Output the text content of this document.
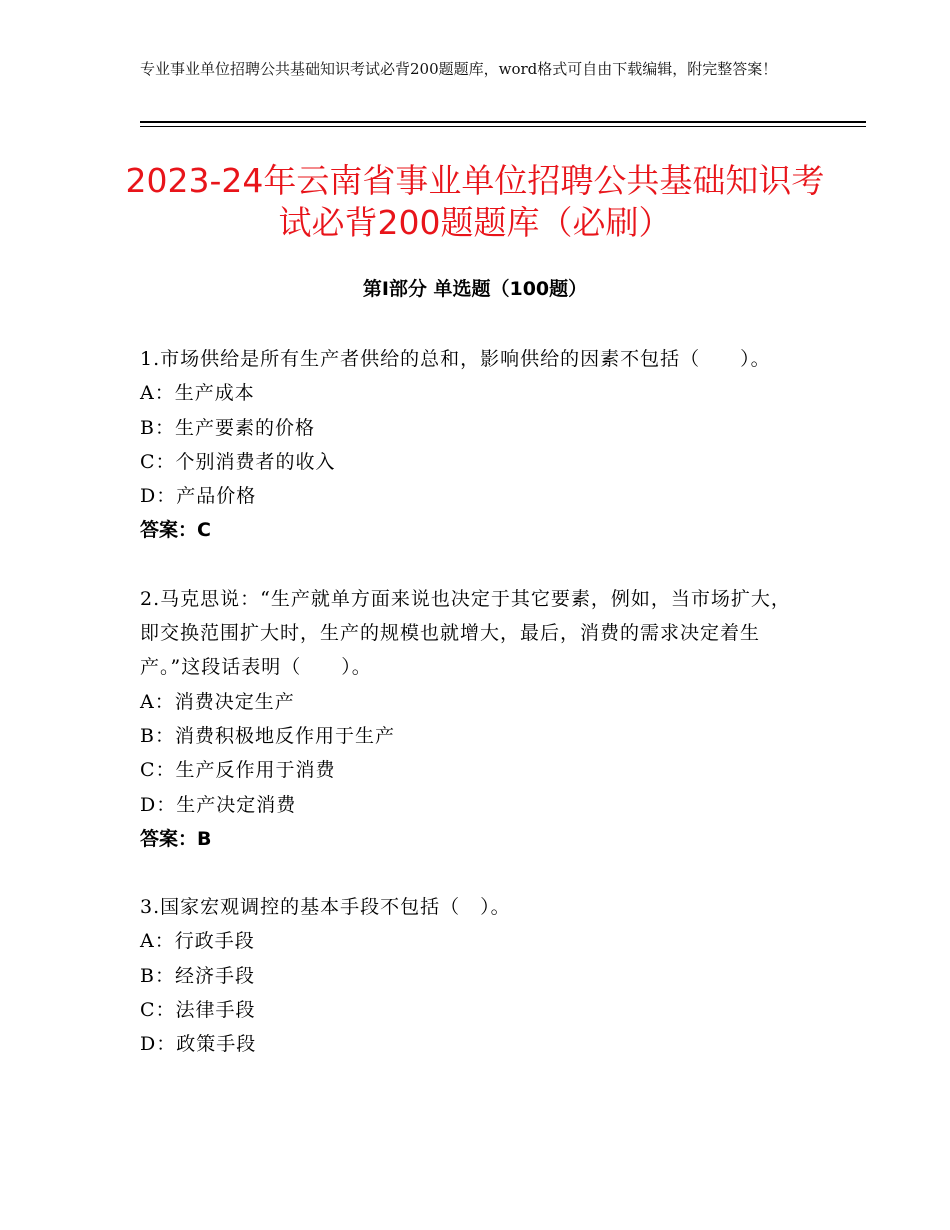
专业事业单位招聘公共基础知识考试必背200题题库，word格式可自由下载编辑，附完整答案！
2023-24年云南省事业单位招聘公共基础知识考试必背200题题库（必刷）
第I部分 单选题（100题）
1.市场供给是所有生产者供给的总和，影响供给的因素不包括（　　）。
A：生产成本
B：生产要素的价格
C：个别消费者的收入
D：产品价格
答案：C
2.马克思说：“生产就单方面来说也决定于其它要素，例如，当市场扩大，即交换范围扩大时，生产的规模也就增大，最后，消费的需求决定着生产。”这段话表明（　　）。
A：消费决定生产
B：消费积极地反作用于生产
C：生产反作用于消费
D：生产决定消费
答案：B
3.国家宏观调控的基本手段不包括（　）。
A：行政手段
B：经济手段
C：法律手段
D：政策手段
